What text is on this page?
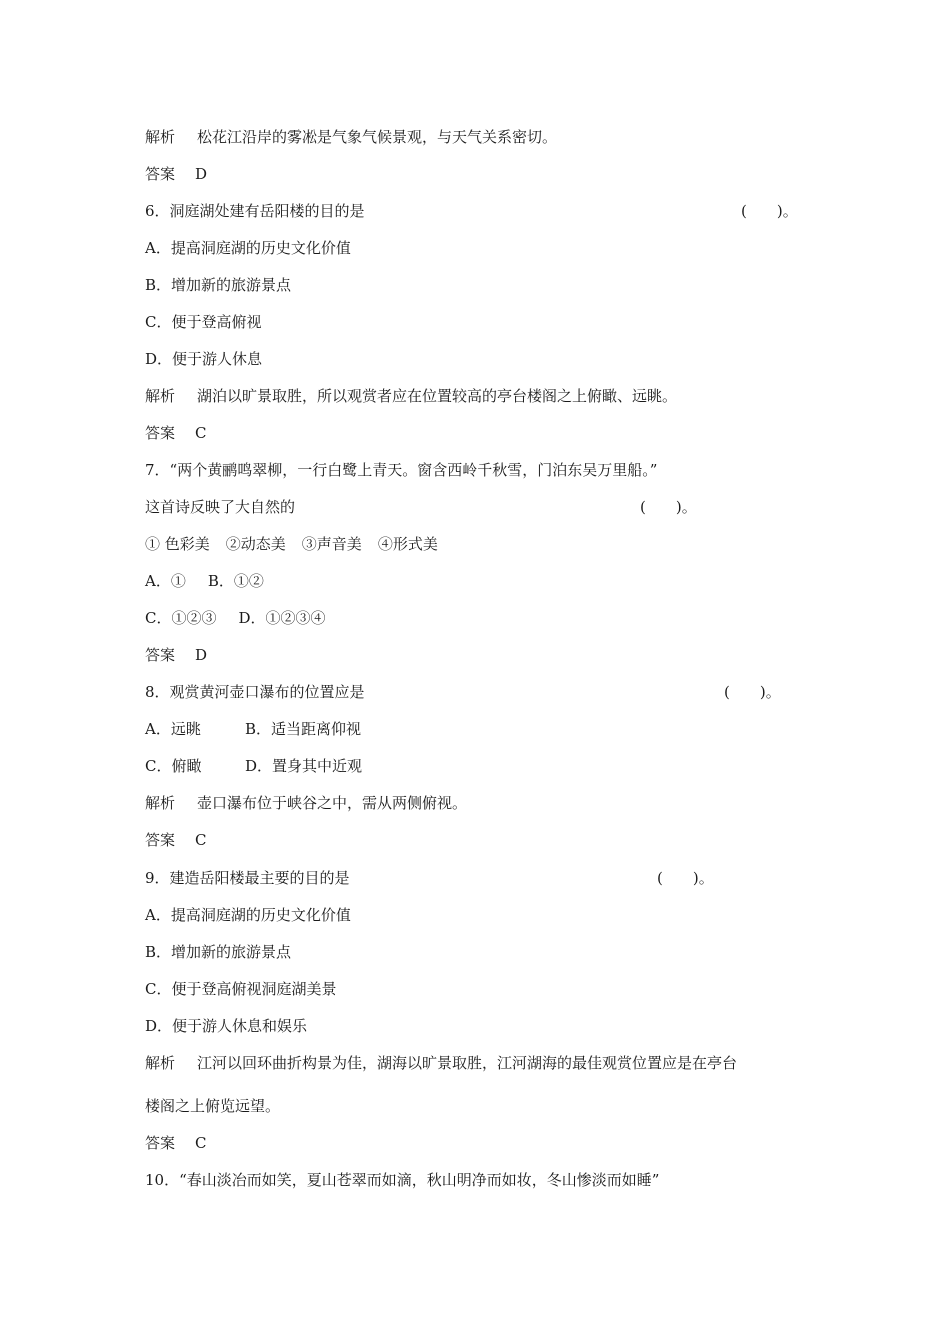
解析 松花江沿岸的雾凇是气象气候景观，与天气关系密切。
答案 D
6．洞庭湖处建有岳阳楼的目的是	(　　)。
A．提高洞庭湖的历史文化价值
B．增加新的旅游景点
C．便于登高俯视
D．便于游人休息
解析 湖泊以旷景取胜，所以观赏者应在位置较高的亭台楼阁之上俯瞰、远眺。
答案 C
7．“两个黄鹂鸣翠柳，一行白鹭上青天。窗含西岭千秋雪，门泊东吴万里船。”
这首诗反映了大自然的	(　　)。
① 色彩美 ②动态美 ③声音美 ④形式美
A．① B．①②
C．①②③ D．①②③④
答案 D
8．观赏黄河壶口瀑布的位置应是	(　　)。
A．远眺	B．适当距离仰视
C．俯瞰	D．置身其中近观
解析 壶口瀑布位于峡谷之中，需从两侧俯视。
答案 C
9．建造岳阳楼最主要的目的是	(　　)。
A．提高洞庭湖的历史文化价值
B．增加新的旅游景点
C．便于登高俯视洞庭湖美景
D．便于游人休息和娱乐
解析 江河以回环曲折构景为佳，湖海以旷景取胜，江河湖海的最佳观赏位置应是在亭台
楼阁之上俯览远望。
答案 C
10．“春山淡冶而如笑，夏山苍翠而如滴，秋山明净而如妆，冬山惨淡而如睡”
